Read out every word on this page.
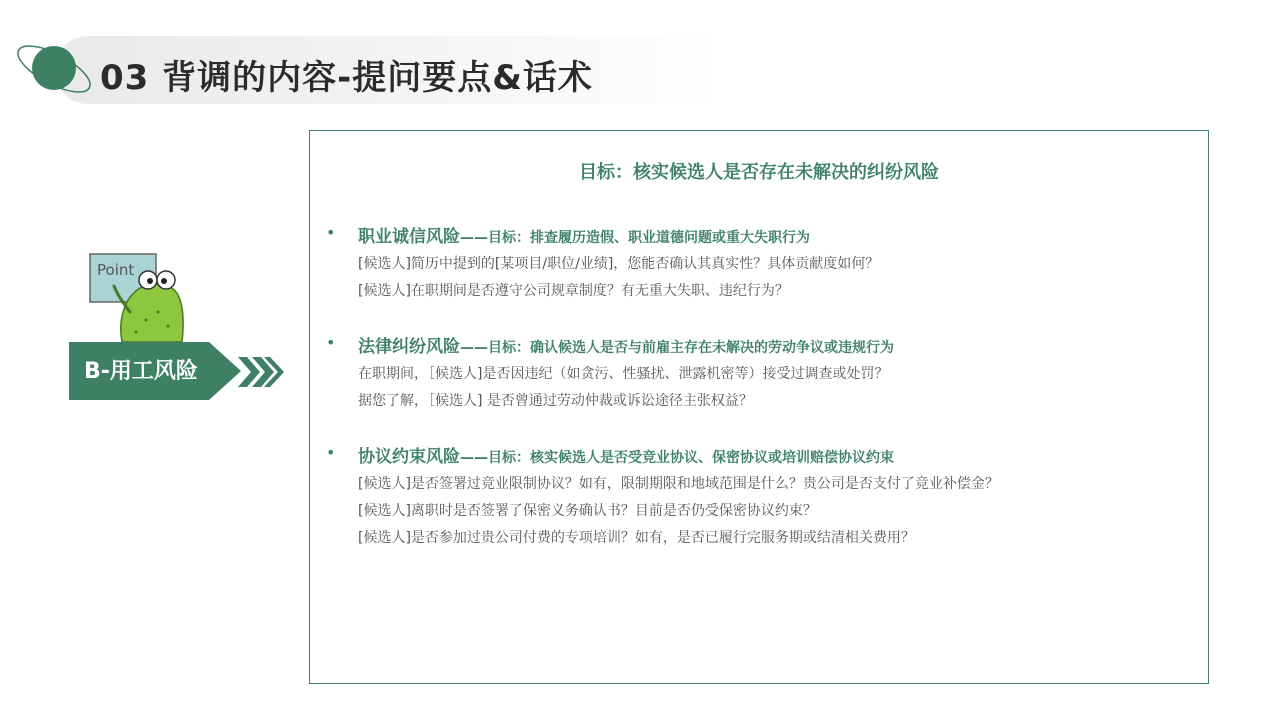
03 背调的内容-提问要点&话术
Point
B-用工风险
目标：核实候选人是否存在未解决的纠纷风险
• 职业诚信风险——目标：排查履历造假、职业道德问题或重大失职行为
[候选人]简历中提到的[某项目/职位/业绩]，您能否确认其真实性？具体贡献度如何？
[候选人]在职期间是否遵守公司规章制度？有无重大失职、违纪行为？
• 法律纠纷风险——目标：确认候选人是否与前雇主存在未解决的劳动争议或违规行为
在职期间，［候选人]是否因违纪（如贪污、性骚扰、泄露机密等）接受过调查或处罚？
据您了解，［候选人] 是否曾通过劳动仲裁或诉讼途径主张权益？
• 协议约束风险——目标：核实候选人是否受竞业协议、保密协议或培训赔偿协议约束
[候选人]是否签署过竞业限制协议？如有，限制期限和地域范围是什么？贵公司是否支付了竞业补偿金？
[候选人]离职时是否签署了保密义务确认书？目前是否仍受保密协议约束？
[候选人]是否参加过贵公司付费的专项培训？如有，是否已履行完服务期或结清相关费用？
